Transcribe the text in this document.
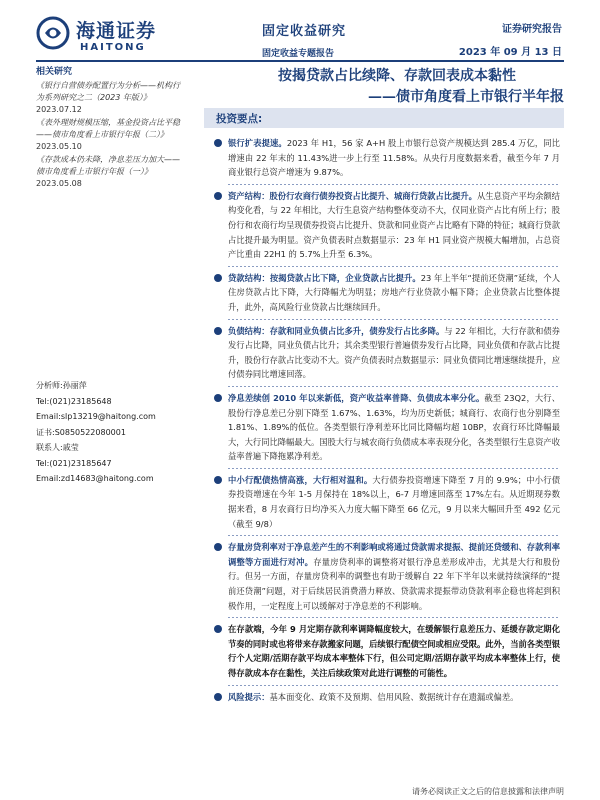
海通证券
HAITONG
固定收益研究
固定收益专题报告
证券研究报告
2023 年 09 月 13 日
相关研究
《银行自营债券配置行为分析——机构行为系列研究之二（2023 年版）》
2023.07.12
《表外理财规模压缩，基金投资占比平稳——债市角度看上市银行年报（二）》
2023.05.10
《存款成本仍未降，净息差压力加大——债市角度看上市银行年报（一）》
2023.05.08
分析师:孙丽萍
Tel:(021)23185648
Email:slp13219@haitong.com
证书:S0850522080001
联系人:戚莹
Tel:(021)23185647
Email:zd14683@haitong.com
按揭贷款占比续降、存款回表成本黏性
——债市角度看上市银行半年报
投资要点:
银行扩表提速。2023 年 H1，56 家 A+H 股上市银行总资产规模达到 285.4 万亿，同比增速由 22 年末的 11.43%进一步上行至 11.58%。从央行月度数据来看，截至今年 7 月商业银行总资产增速为 9.87%。
资产结构：股份行农商行债券投资占比提升、城商行贷款占比提升。从生息资产平均余额结构变化看，与 22 年相比，大行生息资产结构整体变动不大，仅同业资产占比有所上行；股份行和农商行均呈现债券投资占比提升、贷款和同业资产占比略有下降的特征；城商行贷款占比提升最为明显。资产负债表时点数据显示：23 年 H1 同业资产规模大幅增加，占总资产比重由 22H1 的 5.7%上升至 6.3%。
贷款结构：按揭贷款占比下降，企业贷款占比提升。23 年上半年“提前还贷潮”延续，个人住房贷款占比下降，大行降幅尤为明显；房地产行业贷款小幅下降；企业贷款占比整体提升，此外，高风险行业贷款占比继续回升。
负债结构：存款和同业负债占比多升，债券发行占比多降。与 22 年相比，大行存款和债券发行占比降，同业负债占比升；其余类型银行普遍债券发行占比降，同业负债和存款占比提升，股份行存款占比变动不大。资产负债表时点数据显示：同业负债同比增速继续提升，应付债券同比增速回落。
净息差续创 2010 年以来新低，资产收益率普降、负债成本率分化。截至 23Q2，大行、股份行净息差已分别下降至 1.67%、1.63%，均为历史新低；城商行、农商行也分别降至 1.81%、1.89%的低位。各类型银行净利差环比同比降幅均超 10BP，农商行环比降幅最大，大行同比降幅最大。国股大行与城农商行负债成本率表现分化，各类型银行生息资产收益率普遍下降拖累净利差。
中小行配债热情高涨，大行相对温和。大行债券投资增速下降至 7 月的 9.9%；中小行债券投资增速在今年 1-5 月保持在 18%以上，6-7 月增速回落至 17%左右。从近期现券数据来看，8 月农商行日均净买入力度大幅下降至 66 亿元，9 月以来大幅回升至 492 亿元（截至 9/8）
存量房贷利率对于净息差产生的不利影响或将通过贷款需求提振、提前还贷缓和、存款利率调整等方面进行对冲。存量房贷利率的调整将对银行净息差形成冲击，尤其是大行和股份行。但另一方面，存量房贷利率的调整也有助于缓解自 22 年下半年以来就持续演绎的“提前还贷潮”问题，对于后续居民消费潜力释放、贷款需求提振带动贷款利率企稳也将起到积极作用，一定程度上可以缓解对于净息差的不利影响。
在存款端，今年 9 月定期存款利率调降幅度较大，在缓解银行息差压力、延缓存款定期化节奏的同时或也将带来存款搬家问题，后续银行配债空间或相应受限。此外，当前各类型银行个人定期/活期存款平均成本率整体下行，但公司定期/活期存款平均成本率整体上行，使得存款成本存在黏性，关注后续政策对此进行调整的可能性。
风险提示：基本面变化、政策不及预期、信用风险、数据统计存在遗漏或偏差。
请务必阅读正文之后的信息披露和法律声明
